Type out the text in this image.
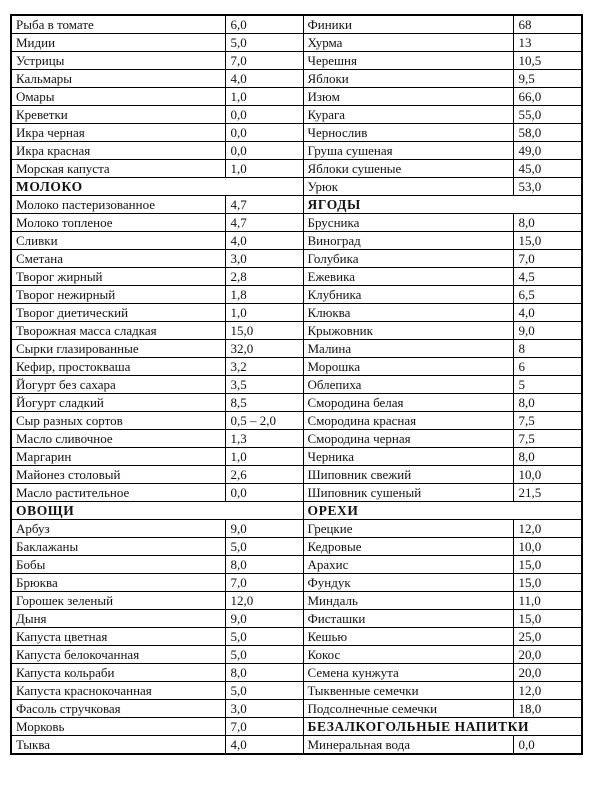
Рыба в томате	6,0	Финики	68
Мидии	5,0	Хурма	13
Устрицы	7,0	Черешня	10,5
Кальмары	4,0	Яблоки	9,5
Омары	1,0	Изюм	66,0
Креветки	0,0	Курага	55,0
Икра черная	0,0	Чернослив	58,0
Икра красная	0,0	Груша сушеная	49,0
Морская капуста	1,0	Яблоки сушеные	45,0
МОЛОКО		Урюк	53,0
Молоко пастеризованное	4,7	ЯГОДЫ	
Молоко топленое	4,7	Брусника	8,0
Сливки	4,0	Виноград	15,0
Сметана	3,0	Голубика	7,0
Творог жирный	2,8	Ежевика	4,5
Творог нежирный	1,8	Клубника	6,5
Творог диетический	1,0	Клюква	4,0
Творожная масса сладкая	15,0	Крыжовник	9,0
Сырки глазированные	32,0	Малина	8
Кефир, простокваша	3,2	Морошка	6
Йогурт без сахара	3,5	Облепиха	5
Йогурт сладкий	8,5	Смородина белая	8,0
Сыр разных сортов	0,5 – 2,0	Смородина красная	7,5
Масло сливочное	1,3	Смородина черная	7,5
Маргарин	1,0	Черника	8,0
Майонез столовый	2,6	Шиповник свежий	10,0
Масло растительное	0,0	Шиповник сушеный	21,5
ОВОЩИ		ОРЕХИ	
Арбуз	9,0	Грецкие	12,0
Баклажаны	5,0	Кедровые	10,0
Бобы	8,0	Арахис	15,0
Брюква	7,0	Фундук	15,0
Горошек зеленый	12,0	Миндаль	11,0
Дыня	9,0	Фисташки	15,0
Капуста цветная	5,0	Кешью	25,0
Капуста белокочанная	5,0	Кокос	20,0
Капуста кольраби	8,0	Семена кунжута	20,0
Капуста краснокочанная	5,0	Тыквенные семечки	12,0
Фасоль стручковая	3,0	Подсолнечные семечки	18,0
Морковь	7,0	БЕЗАЛКОГОЛЬНЫЕ НАПИТКИ	
Тыква	4,0	Минеральная вода	0,0
